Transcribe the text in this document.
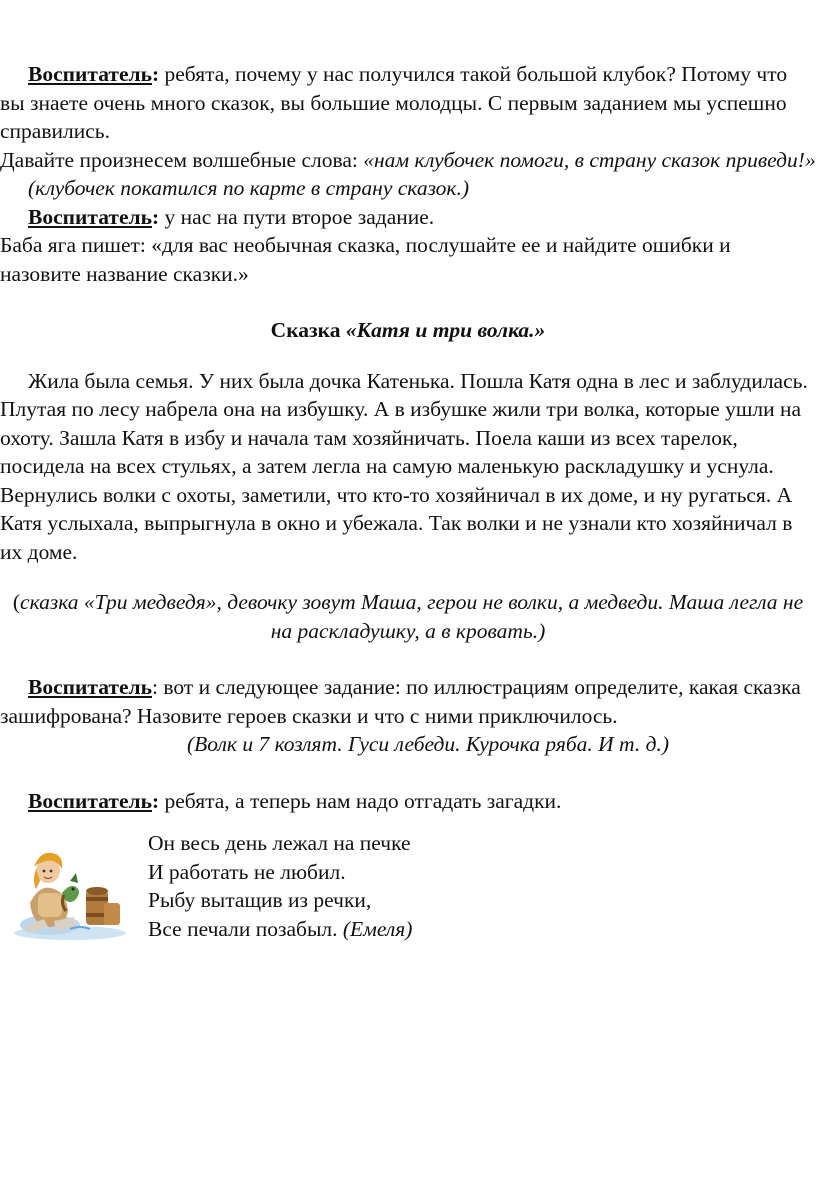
Воспитатель: ребята, почему у нас получился такой большой клубок? Потому что вы знаете очень много сказок, вы большие молодцы. С первым заданием мы успешно справились.

Давайте произнесем волшебные слова: «нам клубочек помоги, в страну сказок приведи!»

(клубочек покатился по карте в страну сказок.)

Воспитатель: у нас на пути второе задание.

Баба яга пишет: «для вас необычная сказка, послушайте ее и найдите ошибки и назовите название сказки.»

Сказка «Катя и три волка.»

Жила была семья. У них была дочка Катенька. Пошла Катя одна в лес и заблудилась. Плутая по лесу набрела она на избушку. А в избушке жили три волка, которые ушли на охоту. Зашла Катя в избу и начала там хозяйничать. Поела каши из всех тарелок, посидела на всех стульях, а затем легла на самую маленькую раскладушку и уснула. Вернулись волки с охоты, заметили, что кто-то хозяйничал в их доме, и ну ругаться. А Катя услыхала, выпрыгнула в окно и убежала. Так волки и не узнали кто хозяйничал в их доме.

(сказка «Три медведя», девочку зовут Маша, герои не волки, а медведи. Маша легла не на раскладушку, а в кровать.)

Воспитатель: вот и следующее задание: по иллюстрациям определите, какая сказка зашифрована? Назовите героев сказки и что с ними приключилось.

(Волк и 7 козлят. Гуси лебеди. Курочка ряба. И т. д.)

Воспитатель: ребята, а теперь нам надо отгадать загадки.

Он весь день лежал на печке

И работать не любил.

Рыбу вытащив из речки,

Все печали позабыл. (Емеля)
